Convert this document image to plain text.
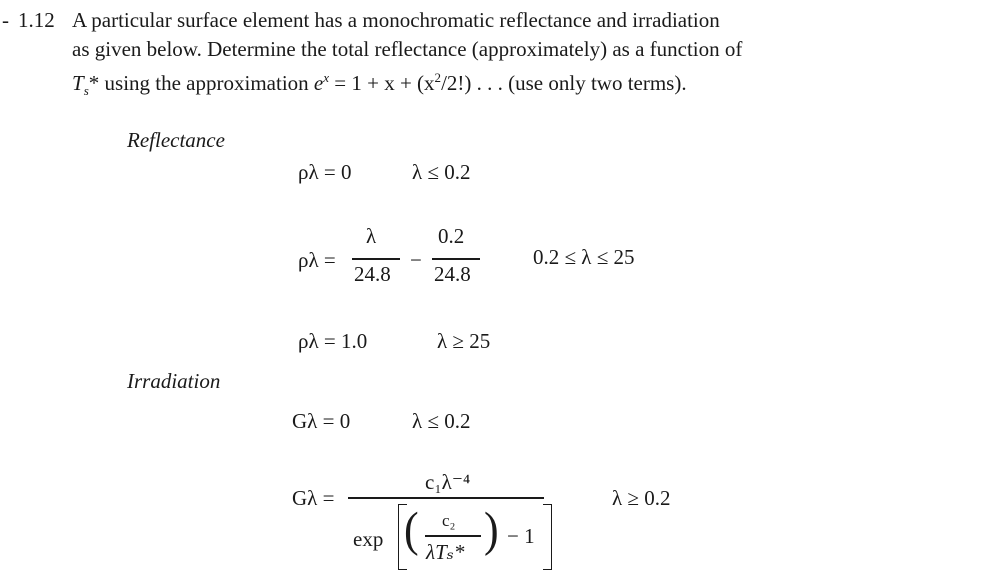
- 1.12 A particular surface element has a monochromatic reflectance and irradiation
as given below. Determine the total reflectance (approximately) as a function of
$T_s*$ using the approximation $e^x = 1 + x + (x^2/2!)$ . . . (use only two terms).
Reflectance
ρλ = 0	λ ≤ 0.2
ρλ =
λ
24.8
−
0.2
24.8
0.2 ≤ λ ≤ 25
ρλ = 1.0	λ ≥ 25
Irradiation
Gλ = 0	λ ≤ 0.2
Gλ =
c₁λ⁻⁴
exp ( c₂
λTₛ* ) − 1
λ ≥ 0.2
